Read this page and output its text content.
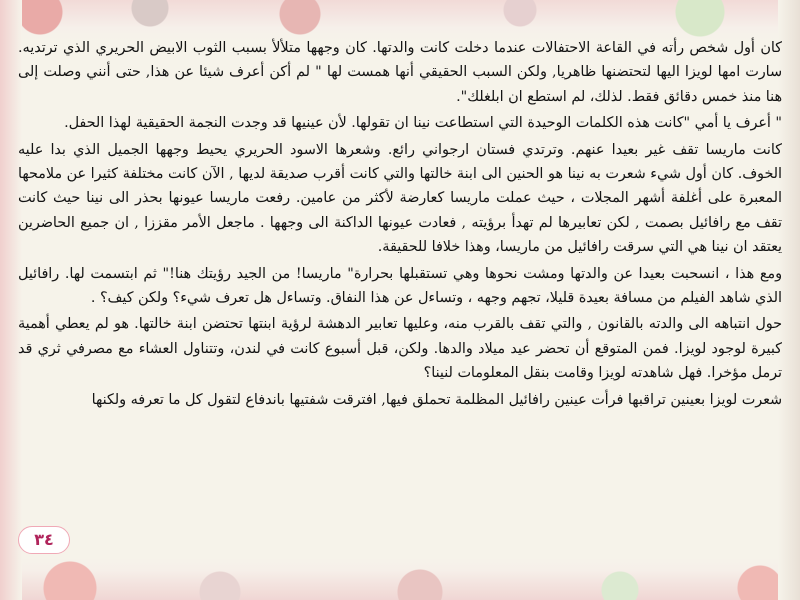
كان أول شخص رأته في القاعة الاحتفالات عندما دخلت كانت والدتها. كان وجهها متلألأ بسبب الثوب الابيض الحريري الذي ترتديه. سارت امها لويزا اليها لتحتضنها ظاهريا, ولكن السبب الحقيقي أنها همست لها " لم أكن أعرف شيئا عن هذا, حتى أنني وصلت إلى هنا منذ خمس دقائق فقط. لذلك، لم استطع ان ابلغلك".

" أعرف يا أمي "كانت هذه الكلمات الوحيدة التي استطاعت نينا ان تقولها. لأن عينيها قد وجدت النجمة الحقيقية لهذا الحفل.

كانت ماريسا تقف غير بعيدا عنهم. وترتدي فستان ارجواني رائع. وشعرها الاسود الحريري يحيط وجهها الجميل الذي بدا عليه الخوف. كان أول شيء شعرت به نينا هو الحنين الى ابنة خالتها والتي كانت أقرب صديقة لديها , الآن كانت مختلفة كثيرا عن ملامحها المعبرة على أغلفة أشهر المجلات ، حيث عملت ماريسا كعارضة لأكثر من عامين. رفعت ماريسا عيونها بحذر الى نينا حيث كانت تقف مع رافائيل بصمت , لكن تعابيرها لم تهدأ برؤيته , فعادت عيونها الداكنة الى وجهها . ماجعل الأمر مقززا , ان جميع الحاضرين يعتقد ان نينا هي التي سرقت رافائيل من ماريسا، وهذا خلافا للحقيقة.

ومع هذا ، انسحبت بعيدا عن والدتها ومشت نحوها وهي تستقبلها بحرارة" ماريسا! من الجيد رؤيتك هنا!" ثم ابتسمت لها. رافائيل الذي شاهد الفيلم من مسافة بعيدة قليلا، تجهم وجهه ، وتساءل عن هذا النفاق. وتساءل هل تعرف شيء؟ ولكن كيف؟ .

حول انتباهه الى والدته بالقانون , والتي تقف بالقرب منه، وعليها تعابير الدهشة لرؤية ابنتها تحتضن ابنة خالتها. هو لم يعطي أهمية كبيرة لوجود لويزا. فمن المتوقع أن تحضر عيد ميلاد والدها. ولكن، قبل أسبوع كانت في لندن، وتتناول العشاء مع مصرفي ثري قد ترمل مؤخرا. فهل شاهدته لويزا وقامت بنقل المعلومات لنينا؟

شعرت لويزا بعينين تراقبها فرأت عينين رافائيل المظلمة تحملق فيها, افترقت شفتيها باندفاع لتقول كل ما تعرفه ولكنها

٣٤
